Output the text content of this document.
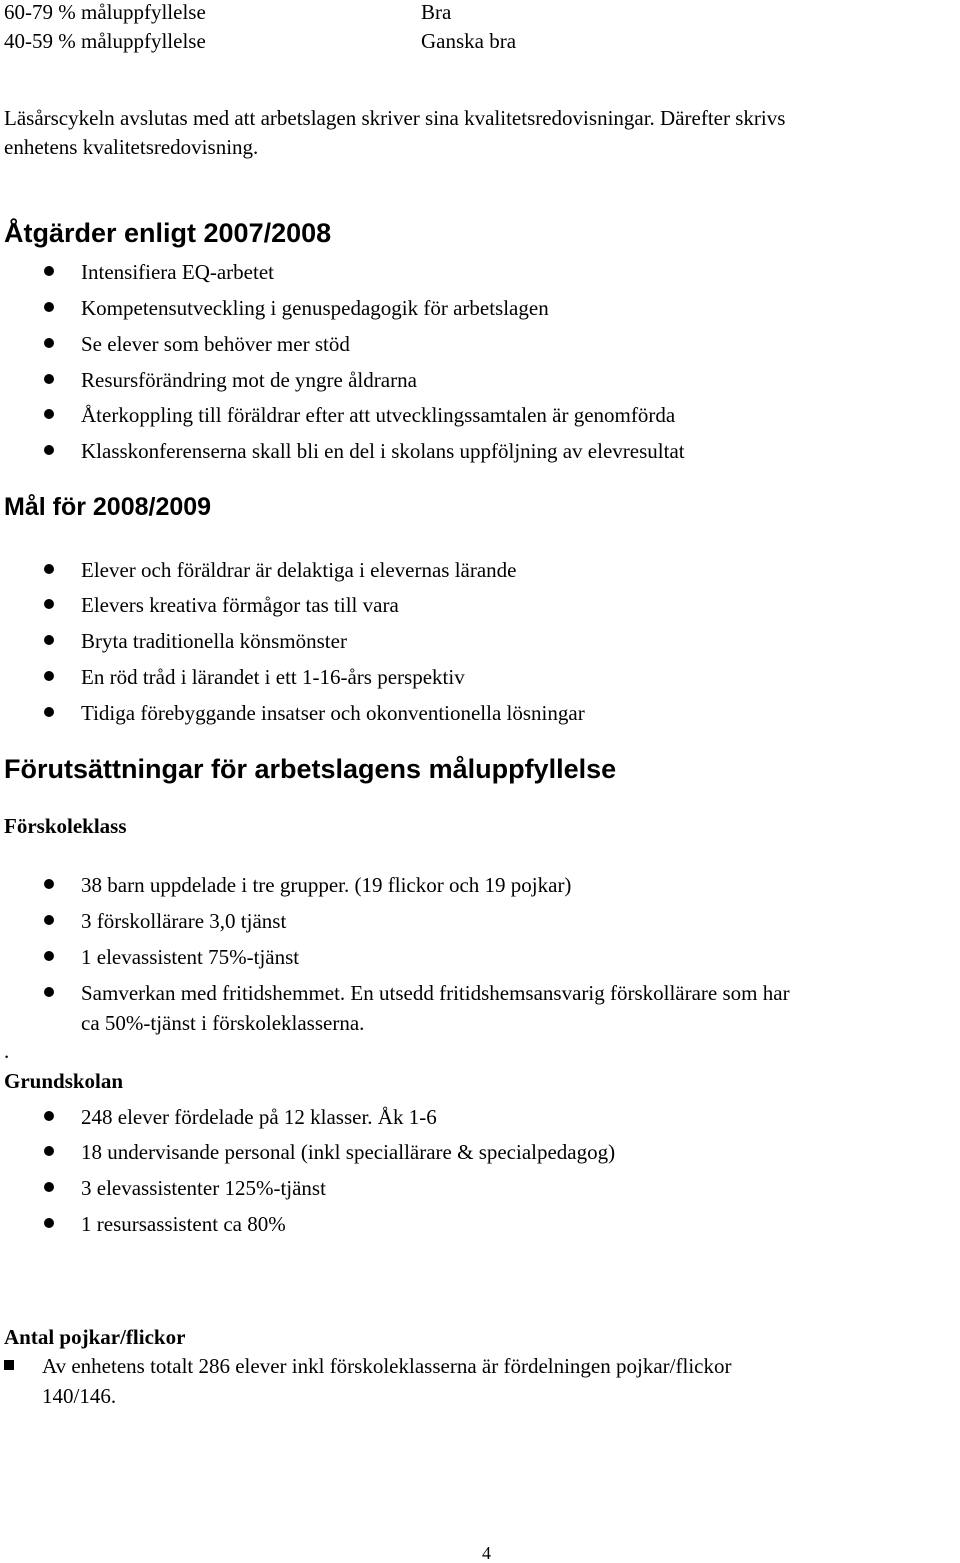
60-79 % måluppfyllelse	Bra
40-59 % måluppfyllelse	Ganska bra
Läsårscykeln avslutas med att arbetslagen skriver sina kvalitetsredovisningar. Därefter skrivs
enhetens kvalitetsredovisning.
Åtgärder enligt 2007/2008
Intensifiera EQ-arbetet
Kompetensutveckling i genuspedagogik för arbetslagen
Se elever som behöver mer stöd
Resursförändring mot de yngre åldrarna
Återkoppling till föräldrar efter att utvecklingssamtalen är genomförda
Klasskonferenserna skall bli en del i skolans uppföljning av elevresultat
Mål för 2008/2009
Elever och föräldrar är delaktiga i elevernas lärande
Elevers kreativa förmågor tas till vara
Bryta traditionella könsmönster
En röd tråd i lärandet i ett 1-16-års perspektiv
Tidiga förebyggande insatser och okonventionella lösningar
Förutsättningar för arbetslagens måluppfyllelse
Förskoleklass
38 barn uppdelade i tre grupper. (19 flickor och 19 pojkar)
3 förskollärare 3,0 tjänst
1 elevassistent 75%-tjänst
Samverkan med fritidshemmet. En utsedd fritidshemsansvarig förskollärare som har
ca 50%-tjänst i förskoleklasserna.
.
Grundskolan
248 elever fördelade på 12 klasser. Åk 1-6
18 undervisande personal (inkl speciallärare & specialpedagog)
3 elevassistenter 125%-tjänst
1 resursassistent ca 80%
Antal pojkar/flickor
Av enhetens totalt 286 elever inkl förskoleklasserna är fördelningen pojkar/flickor
140/146.
4
